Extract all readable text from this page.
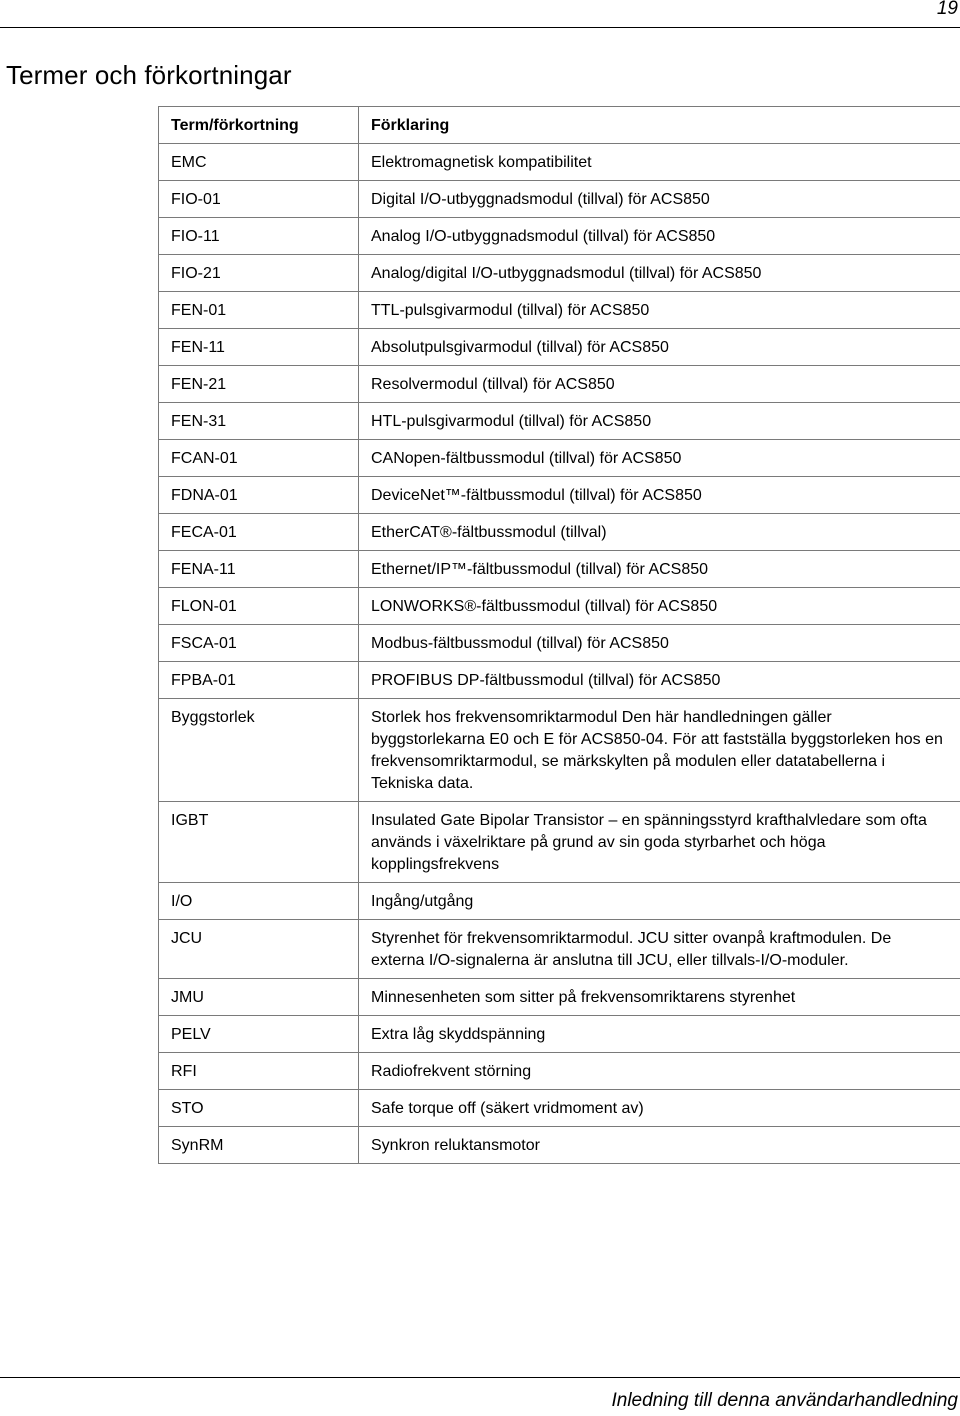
19
Termer och förkortningar
Term/förkortning	Förklaring
EMC	Elektromagnetisk kompatibilitet
FIO-01	Digital I/O-utbyggnadsmodul (tillval) för ACS850
FIO-11	Analog I/O-utbyggnadsmodul (tillval) för ACS850
FIO-21	Analog/digital I/O-utbyggnadsmodul (tillval) för ACS850
FEN-01	TTL-pulsgivarmodul (tillval) för ACS850
FEN-11	Absolutpulsgivarmodul (tillval) för ACS850
FEN-21	Resolvermodul (tillval) för ACS850
FEN-31	HTL-pulsgivarmodul (tillval) för ACS850
FCAN-01	CANopen-fältbussmodul (tillval) för ACS850
FDNA-01	DeviceNet™-fältbussmodul (tillval) för ACS850
FECA-01	EtherCAT®-fältbussmodul (tillval)
FENA-11	Ethernet/IP™-fältbussmodul (tillval) för ACS850
FLON-01	LONWORKS®-fältbussmodul (tillval) för ACS850
FSCA-01	Modbus-fältbussmodul (tillval) för ACS850
FPBA-01	PROFIBUS DP-fältbussmodul (tillval) för ACS850
Byggstorlek	Storlek hos frekvensomriktarmodul Den här handledningen gäller byggstorlekarna E0 och E för ACS850-04. För att fastställa byggstorleken hos en frekvensomriktarmodul, se märkskylten på modulen eller datatabellerna i Tekniska data.
IGBT	Insulated Gate Bipolar Transistor – en spänningsstyrd krafthalvledare som ofta används i växelriktare på grund av sin goda styrbarhet och höga kopplingsfrekvens
I/O	Ingång/utgång
JCU	Styrenhet för frekvensomriktarmodul. JCU sitter ovanpå kraftmodulen. De externa I/O-signalerna är anslutna till JCU, eller tillvals-I/O-moduler.
JMU	Minnesenheten som sitter på frekvensomriktarens styrenhet
PELV	Extra låg skyddspänning
RFI	Radiofrekvent störning
STO	Safe torque off (säkert vridmoment av)
SynRM	Synkron reluktansmotor
Inledning till denna användarhandledning
